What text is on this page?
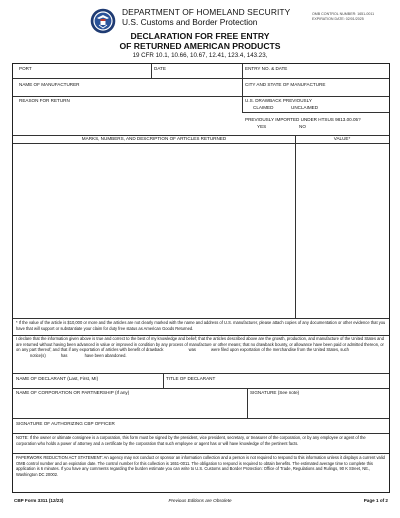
DEPARTMENT OF HOMELAND SECURITY
U.S. Customs and Border Protection
OMB CONTROL NUMBER: 1651-0011
EXPIRATION DATE: 02/01/2025
DECLARATION FOR FREE ENTRY
OF RETURNED AMERICAN PRODUCTS
19 CFR 10.1, 10.66, 10.67, 12.41, 123.4, 143.23,
PORT	DATE	ENTRY NO. & DATE
NAME OF MANUFACTURER	CITY AND STATE OF MANUFACTURE
REASON FOR RETURN	U.S. DRAWBACK PREVIOUSLY
CLAIMED	UNCLAIMED
PREVIOUSLY IMPORTED UNDER HTSUS 9813.00.05?
YES	NO
MARKS, NUMBERS, AND DESCRIPTION OF ARTICLES RETURNED	VALUE*
* If the value of the article is $10,000 or more and the articles are not clearly marked with the name and address of U.S. manufacturer, please attach copies of any documentation or other evidence that you have that will support or substantiate your claim for duty free status as American Goods Returned.
I declare that the information given above is true and correct to the best of my knowledge and belief; that the articles described above are the growth, production, and manufacture of the United States and are returned without having been advanced in value or improved in condition by any process of manufacture or other means; that no drawback bounty, or allowance have been paid or admitted thereon, or on any part thereof; and that if any exportation of articles with benefit of drawback	was	were filed upon exportation of the merchandise from the United States, such
notice(s)	has	have been abandoned.
NAME OF DECLARANT (Last, First, MI)	TITLE OF DECLARANT
NAME OF CORPORATION OR PARTNERSHIP (If any)	SIGNATURE (See note)
SIGNATURE OF AUTHORIZING CBP OFFICER
NOTE: If the owner or ultimate consignee is a corporation, this form must be signed by the president, vice president, secretary, or treasurer of the corporation, or by any employee or agent of the corporation who holds a power of attorney and a certificate by the corporation that such employee or agent has or will have knowledge of the pertinent facts.
PAPERWORK REDUCTION ACT STATEMENT: An agency may not conduct or sponsor an information collection and a person is not required to respond to this information unless it displays a current valid OMB control number and an expiration date. The control number for this collection is 1651-0011. The obligation to respond is required to obtain benefits. The estimated average time to complete this application is 6 minutes. If you have any comments regarding the burden estimate you can write to U.S. Customs and Border Protection: Office of Trade, Regulations and Rulings, 90 K Street, NE., Washington DC 20002.
Previous Editions are Obsolete
CBP Form 3311 (12/23)	Page 1 of 2
